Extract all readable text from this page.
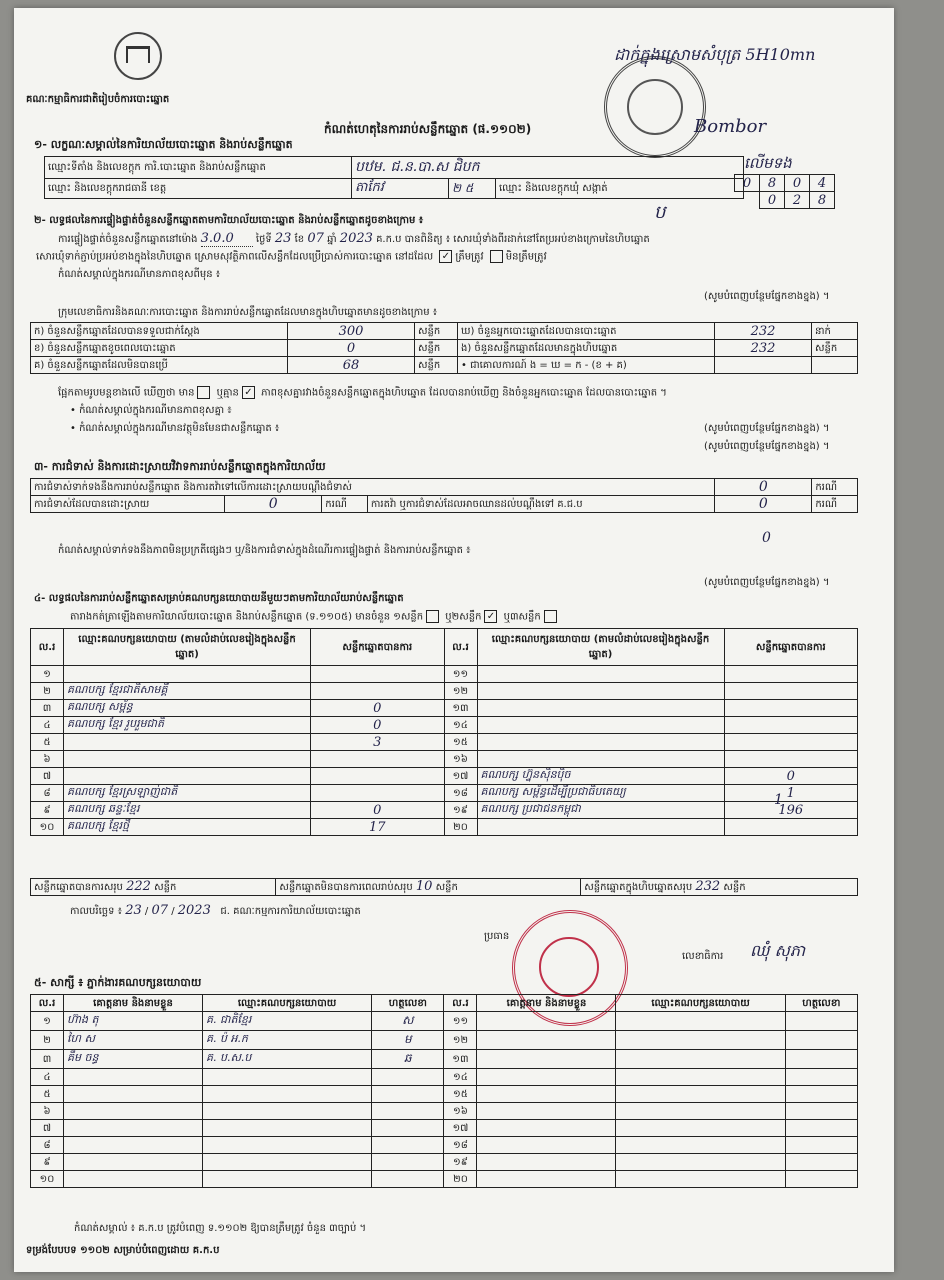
គណៈកម្មាធិការជាតិរៀបចំការបោះឆ្នោត
ដាក់ក្នុងស្រោមសំបុត្រ 5H10mn
Bombor
លើមទង
កំណត់ហេតុនៃការរាប់សន្លឹកឆ្នោត (ផ.១១០២)
១- លក្ខណៈសម្គាល់នៃការិយាល័យបោះឆ្នោត និងរាប់សន្លឹកឆ្នោត
ឈ្មោះទីតាំង និងលេខក្ដុក ការិ.បោះឆ្នោត និងរាប់សន្លឹកឆ្នោត	បឋម. ជ.ន.បា.ស ជិបក		
ឈ្មោះ និងលេខក្ដុករាជធានី ខេត្ត	តាកែវ	២ ៥	ឈ្មោះ និងលេខក្ដុកឃុំ សង្កាត់	0	8	0	4
	0	2	8
ប
២- លទ្ធផលនៃការផ្ទៀងផ្ទាត់ចំនួនសន្លឹកឆ្នោតតាមការិយាល័យបោះឆ្នោត និងរាប់សន្លឹកឆ្នោតដូចខាងក្រោម ៖
ការផ្ទៀងផ្ទាត់ចំនួនសន្លឹកឆ្នោតនៅម៉ោង 3.0.0 ថ្ងៃទី 23 ខែ 07 ឆ្នាំ 2023 គ.ក.ប បានពិនិត្យ ៖ សោរឃុំទាំងពីរដាក់នៅតែប្រអប់ខាងក្រោមនៃហិបឆ្នោត
សោរឃុំទាក់ភ្ជាប់ប្រអប់ខាងក្នុងនៃហិបឆ្នោត ស្រោមសុវត្ថិភាពលើសន្លឹកដែលប្រើប្រាស់ការបោះឆ្នោត នៅដដែល ✓ ត្រឹមត្រូវ មិនត្រឹមត្រូវ
កំណត់សម្គាល់ក្នុងករណីមានភាពខុសពីមុន ៖
(សូមបំពេញបន្ថែមផ្នែកខាងខ្នង) ។
ក្រុមលេខាធិការនិងគណៈការបោះឆ្នោត និងការរាប់សន្លឹកឆ្នោតដែលមានក្នុងហិបឆ្នោតមានដូចខាងក្រោម ៖
ក) ចំនួនសន្លឹកឆ្នោតដែលបានទទួលជាក់ស្ដែង	300	សន្លឹក	ឃ) ចំនួនអ្នកបោះឆ្នោតដែលបានបោះឆ្នោត	232	នាក់
ខ) ចំនួនសន្លឹកឆ្នោតខូចពេលបោះឆ្នោត	0	សន្លឹក	ង) ចំនួនសន្លឹកឆ្នោតដែលមានក្នុងហិបឆ្នោត	232	សន្លឹក
គ) ចំនួនសន្លឹកឆ្នោតដែលមិនបានប្រើ	68	សន្លឹក	• ជាគោលការណ៍ ង = ឃ = ក - (ខ + គ)		
ផ្អែកតាមរូបមន្តខាងលើ ឃើញថា មាន ឬគ្មាន ✓ ភាពខុសគ្នារវាងចំនួនសន្លឹកឆ្នោតក្នុងហិបឆ្នោត ដែលបានរាប់ឃើញ និងចំនួនអ្នកបោះឆ្នោត ដែលបានបោះឆ្នោត ។
• កំណត់សម្គាល់ក្នុងករណីមានភាពខុសគ្នា ៖
• កំណត់សម្គាល់ក្នុងករណីមានវត្ថុមិនមែនជាសន្លឹកឆ្នោត ៖	(សូមបំពេញបន្ថែមផ្នែកខាងខ្នង) ។
(សូមបំពេញបន្ថែមផ្នែកខាងខ្នង) ។
៣- ការជំទាស់ និងការដោះស្រាយវិវាទការរាប់សន្លឹកឆ្នោតក្នុងការិយាល័យ
ការជំទាស់ទាក់ទងនឹងការរាប់សន្លឹកឆ្នោត និងការតវ៉ាទៅលើការដោះស្រាយបណ្ដឹងជំទាស់				0	ករណី
ការជំទាស់ដែលបានដោះស្រាយ	0	ករណី	ការតវ៉ា ឬការជំទាស់ដែលអាចឈានដល់បណ្ដឹងទៅ គ.ជ.ប	0	ករណី
កំណត់សម្គាល់ទាក់ទងនឹងភាពមិនប្រក្រតីផ្សេងៗ ឬ/និងការជំទាស់ក្នុងដំណើរការផ្ទៀងផ្ទាត់ និងការរាប់សន្លឹកឆ្នោត ៖
0
(សូមបំពេញបន្ថែមផ្នែកខាងខ្នង) ។
៤- លទ្ធផលនៃការរាប់សន្លឹកឆ្នោតសម្រាប់គណបក្សនយោបាយនីមួយៗតាមការិយាល័យរាប់សន្លឹកឆ្នោត
តារាងកត់ត្រាឡើងតាមការិយាល័យបោះឆ្នោត និងរាប់សន្លឹកឆ្នោត (ទ.១១០៥) មានចំនួន ១សន្លឹក ឬ២សន្លឹក ✓ ឬ៣សន្លឹក
ល.រ	ឈ្មោះគណបក្សនយោបាយ (តាមលំដាប់លេខរៀងក្នុងសន្លឹកឆ្នោត)	សន្លឹកឆ្នោតបានការ	ល.រ	ឈ្មោះគណបក្សនយោបាយ (តាមលំដាប់លេខរៀងក្នុងសន្លឹកឆ្នោត)	សន្លឹកឆ្នោតបានការ
១			១១		
២	គណបក្ស ខ្មែរជាតិសាមគ្គី		១២		
៣	គណបក្ស សម្ព័ន្ធ	0	១៣		
៤	គណបក្ស ខ្មែរ រួបរួមជាតិ	0	១៤		
៥		3	១៥		
៦			១៦		
៧			១៧	គណបក្ស ហ្វ៊ុនស៊ិនប៉ិច	0
៨	គណបក្ស ខ្មែរស្រឡាញ់ជាតិ		១៨	គណបក្ស សម្ព័ន្ធដើម្បីប្រជាធិបតេយ្យ	1
៩	គណបក្ស ឆន្ទៈខ្មែរ	0	១៩	គណបក្ស ប្រជាជនកម្ពុជា	196
១០	គណបក្ស ខ្មែរថ្មី	17	២០		
1
សន្លឹកឆ្នោតបានការសរុប 222 សន្លឹក	សន្លឹកឆ្នោតមិនបានការពេលរាប់សរុប 10 សន្លឹក	សន្លឹកឆ្នោតក្នុងហិបឆ្នោតសរុប 232 សន្លឹក
កាលបរិច្ឆេទ ៖ 23 / 07 / 2023 ជ. គណៈកម្មការការិយាល័យបោះឆ្នោត
ប្រធាន
លេខាធិការ ឈុំ សុភា
៥- សាក្សី ៖ ភ្នាក់ងារគណបក្សនយោបាយ
ល.រ	គោត្តនាម និងនាមខ្លួន	ឈ្មោះគណបក្សនយោបាយ	ហត្ថលេខា	ល.រ	គោត្តនាម និងនាមខ្លួន	ឈ្មោះគណបក្សនយោបាយ	ហត្ថលេខា
១	ហ៊ាង តុ	គ. ជាតិខ្មែរ	ស	១១			
២	ហៃ ស	គ. ប៉ អ.ក	ម	១២			
៣	គឹម ចន្ធ	គ. ប.ស.ប	ឆ	១៣			
៤				១៤			
៥				១៥			
៦				១៦			
៧				១៧			
៨				១៨			
៩				១៩			
១០				២០			
កំណត់សម្គាល់ ៖ គ.ក.ប ត្រូវបំពេញ ទ.១១០២ ឱ្យបានត្រឹមត្រូវ ចំនួន ៣ច្បាប់ ។
ទម្រង់បែបបទ ១១០២ សម្រាប់បំពេញដោយ គ.ក.ប
